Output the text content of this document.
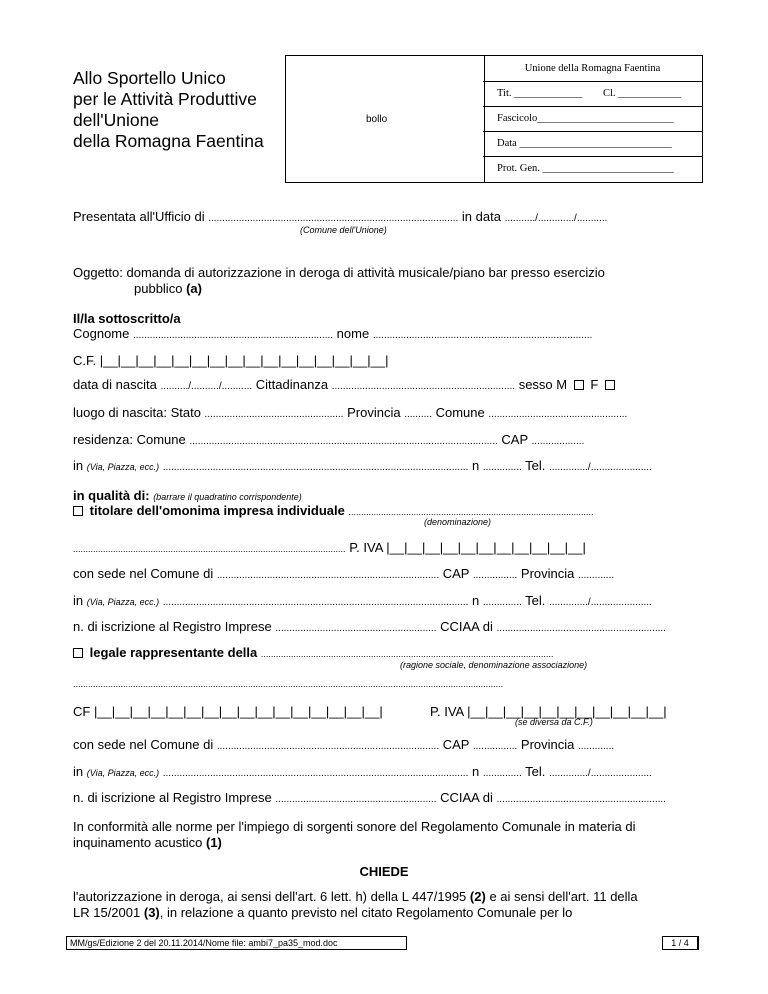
Allo Sportello Unico
per le Attività Produttive
dell'Unione
della Romagna Faentina
bollo
Unione della Romagna Faentina
Tit. _____________ Cl. ____________
Fascicolo__________________________
Data _____________________________
Prot. Gen. _________________________
Presentata all'Ufficio di .......................................................................................... in data .........../............./...........
(Comune dell'Unione)
Oggetto: domanda di autorizzazione in deroga di attività musicale/piano bar presso esercizio
pubblico (a)
Il/la sottoscritto/a
Cognome ........................................................................ nome ...............................................................................
C.F. |__|__|__|__|__|__|__|__|__|__|__|__|__|__|__|__|
data di nascita ........../........../........... Cittadinanza .................................................................. sesso M F
luogo di nascita: Stato .................................................. Provincia .......... Comune ..................................................
residenza: Comune ............................................................................................................... CAP ...................
in (Via, Piazza, ecc.) .............................................................................................................. n .............. Tel. ............../......................
in qualità di: (barrare il quadratino corrispondente)
titolare dell'omonima impresa individuale ..................................................................................................
(denominazione)
............................................................................................................. P. IVA |__|__|__|__|__|__|__|__|__|__|__|
con sede nel Comune di ................................................................................ CAP ................ Provincia .............
in (Via, Piazza, ecc.) .............................................................................................................. n .............. Tel. ............../......................
n. di iscrizione al Registro Imprese .......................................................... CCIAA di .............................................................
legale rappresentante della .....................................................................................................................
(ragione sociale, denominazione associazione)
............................................................................................................................................................................
CF |__|__|__|__|__|__|__|__|__|__|__|__|__|__|__|__|	P. IVA |__|__|__|__|__|__|__|__|__|__|__|
(se diversa da C.F.)
con sede nel Comune di ................................................................................ CAP ................ Provincia .............
in (Via, Piazza, ecc.) .............................................................................................................. n .............. Tel. ............../......................
n. di iscrizione al Registro Imprese .......................................................... CCIAA di .............................................................
In conformità alle norme per l'impiego di sorgenti sonore del Regolamento Comunale in materia di
inquinamento acustico (1)
CHIEDE
l'autorizzazione in deroga, ai sensi dell'art. 6 lett. h) della L 447/1995 (2) e ai sensi dell'art. 11 della
LR 15/2001 (3), in relazione a quanto previsto nel citato Regolamento Comunale per lo
MM/gs/Edizione 2 del 20.11.2014/Nome file: ambi7_pa35_mod.doc	1 / 4
